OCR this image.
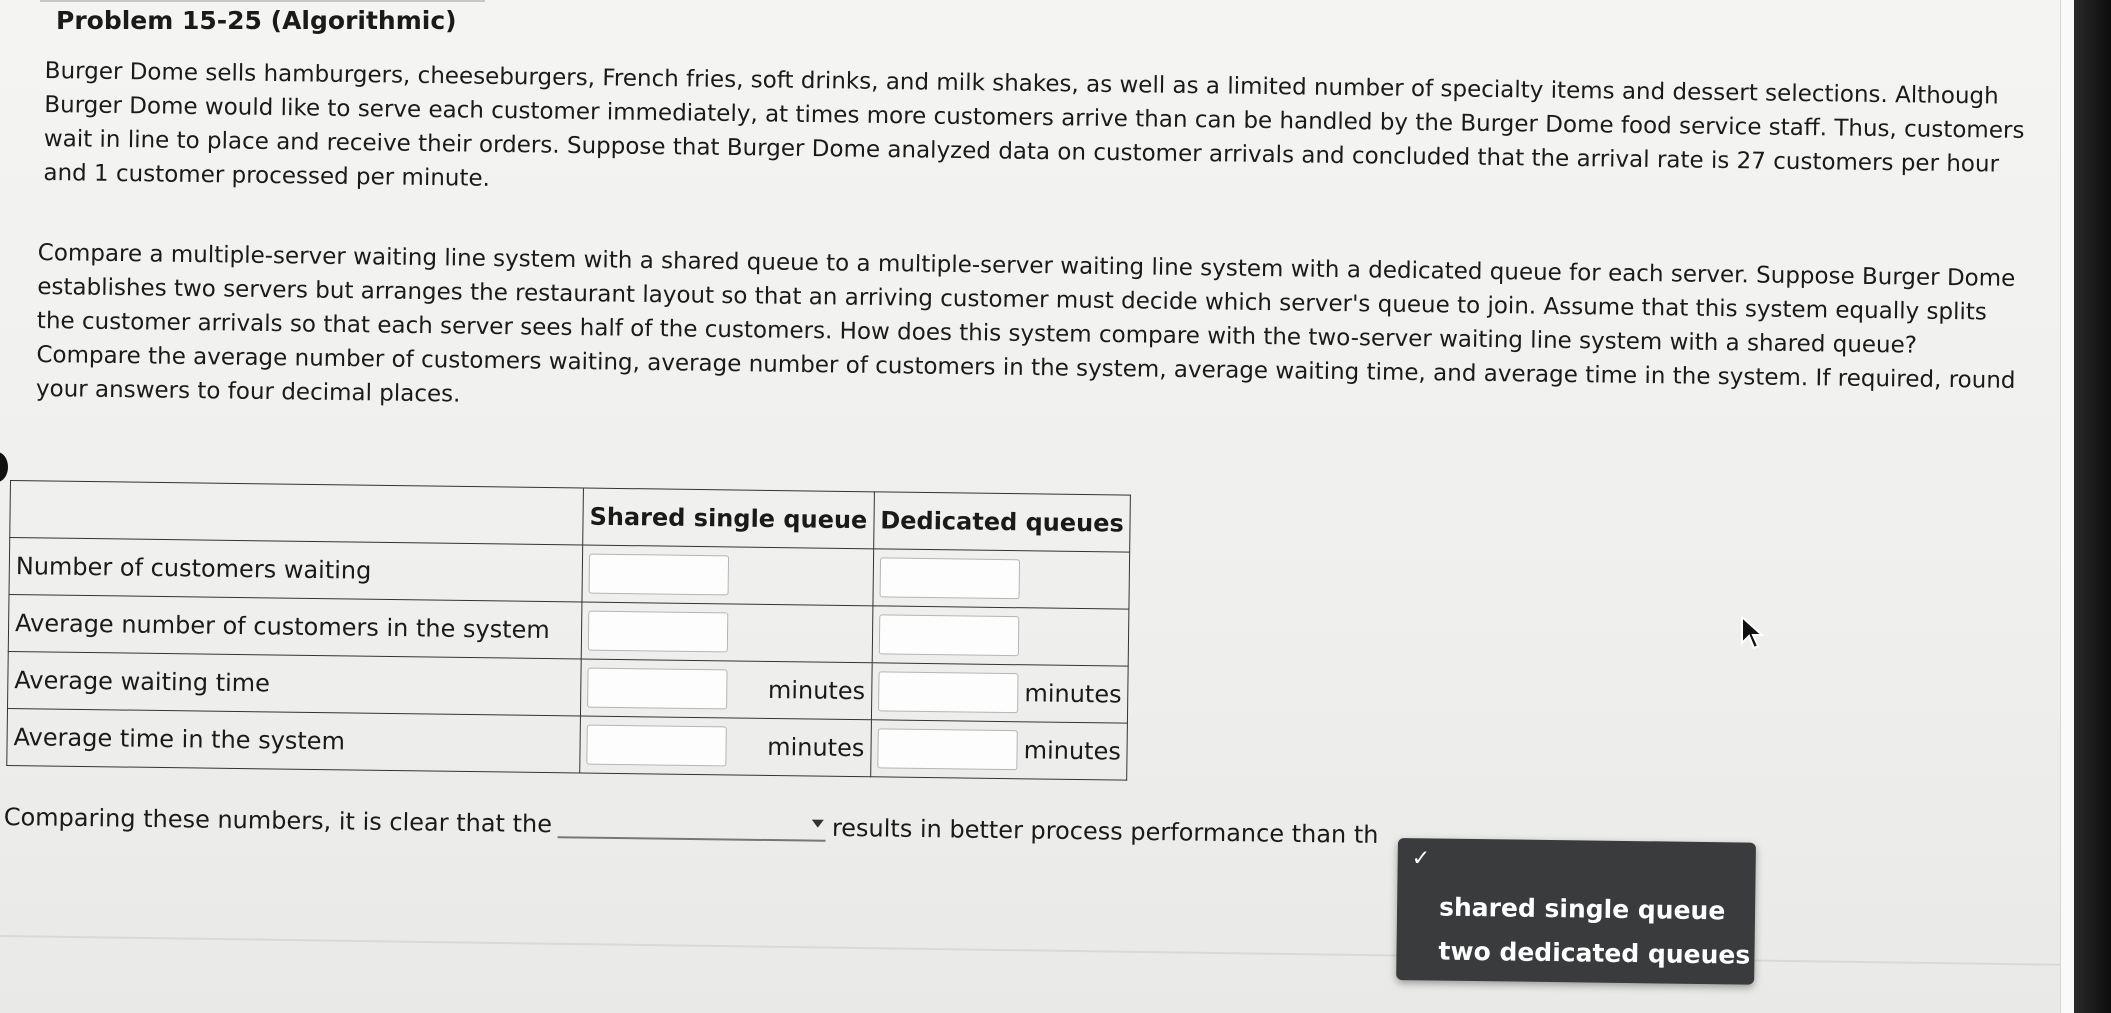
Problem 15-25 (Algorithmic)

Burger Dome sells hamburgers, cheeseburgers, French fries, soft drinks, and milk shakes, as well as a limited number of specialty items and dessert selections. Although Burger Dome would like to serve each customer immediately, at times more customers arrive than can be handled by the Burger Dome food service staff. Thus, customers wait in line to place and receive their orders. Suppose that Burger Dome analyzed data on customer arrivals and concluded that the arrival rate is 27 customers per hour and 1 customer processed per minute.

Compare a multiple-server waiting line system with a shared queue to a multiple-server waiting line system with a dedicated queue for each server. Suppose Burger Dome establishes two servers but arranges the restaurant layout so that an arriving customer must decide which server's queue to join. Assume that this system equally splits the customer arrivals so that each server sees half of the customers. How does this system compare with the two-server waiting line system with a shared queue? Compare the average number of customers waiting, average number of customers in the system, average waiting time, and average time in the system. If required, round your answers to four decimal places.

	Shared single queue	Dedicated queues
Number of customers waiting	

Average number of customers in the system	

Average waiting time	minutes	minutes

Average time in the system	minutes	minutes
Comparing these numbers, it is clear that the	results in better process performance than th
✓
shared single queue
two dedicated queues
